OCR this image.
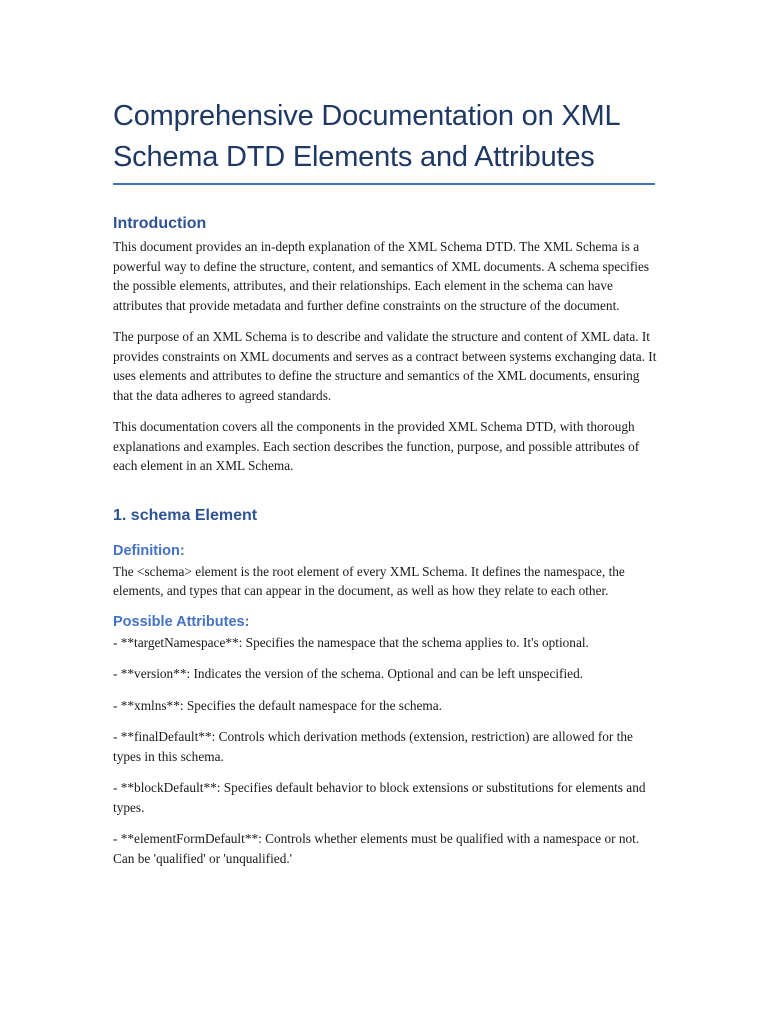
Comprehensive Documentation on XML Schema DTD Elements and Attributes
Introduction

This document provides an in-depth explanation of the XML Schema DTD. The XML Schema is a powerful way to define the structure, content, and semantics of XML documents. A schema specifies the possible elements, attributes, and their relationships. Each element in the schema can have attributes that provide metadata and further define constraints on the structure of the document.

The purpose of an XML Schema is to describe and validate the structure and content of XML data. It provides constraints on XML documents and serves as a contract between systems exchanging data. It uses elements and attributes to define the structure and semantics of the XML documents, ensuring that the data adheres to agreed standards.

This documentation covers all the components in the provided XML Schema DTD, with thorough explanations and examples. Each section describes the function, purpose, and possible attributes of each element in an XML Schema.

1. schema Element
Definition:

The <schema> element is the root element of every XML Schema. It defines the namespace, the elements, and types that can appear in the document, as well as how they relate to each other.

Possible Attributes:

- **targetNamespace**: Specifies the namespace that the schema applies to. It's optional.

- **version**: Indicates the version of the schema. Optional and can be left unspecified.

- **xmlns**: Specifies the default namespace for the schema.

- **finalDefault**: Controls which derivation methods (extension, restriction) are allowed for the types in this schema.

- **blockDefault**: Specifies default behavior to block extensions or substitutions for elements and types.

- **elementFormDefault**: Controls whether elements must be qualified with a namespace or not. Can be 'qualified' or 'unqualified.'
